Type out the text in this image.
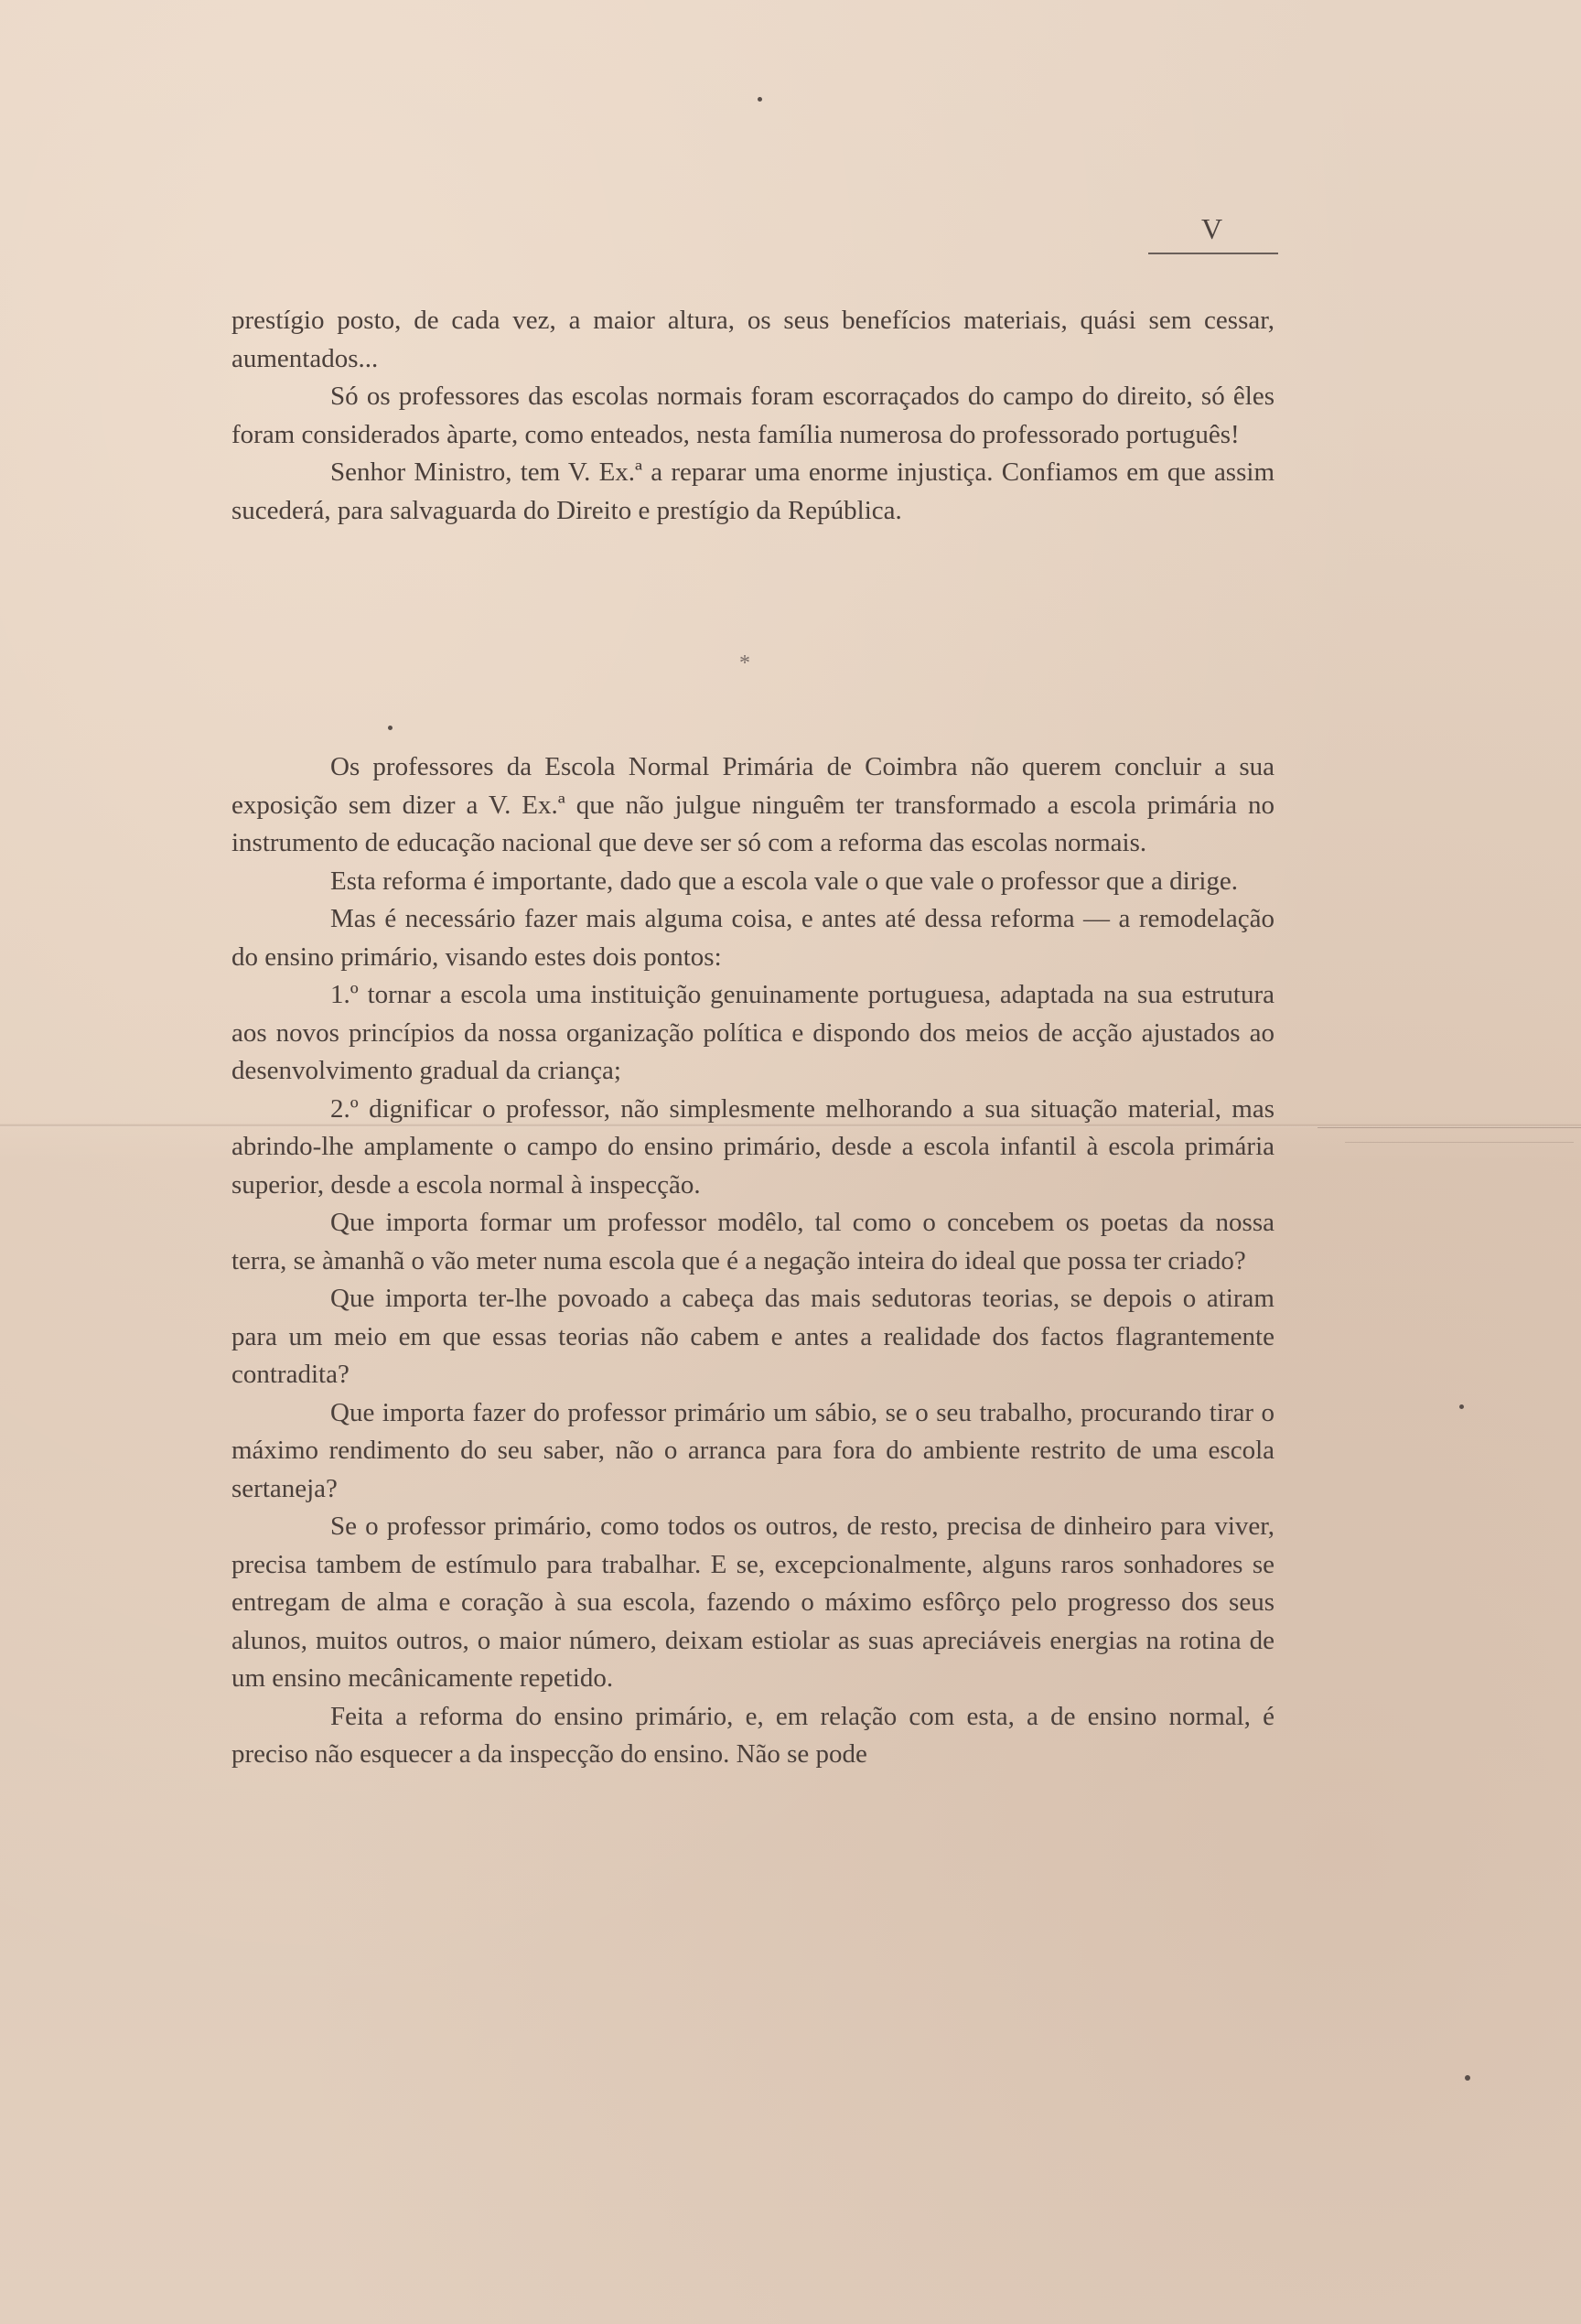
V

prestígio posto, de cada vez, a maior altura, os seus benefícios materiais, quási sem cessar, aumentados...

Só os professores das escolas normais foram escorraçados do campo do direito, só êles foram considerados àparte, como enteados, nesta família numerosa do professorado português!

Senhor Ministro, tem V. Ex.ª a reparar uma enorme injustiça. Confiamos em que assim sucederá, para salvaguarda do Direito e prestígio da República.

*

Os professores da Escola Normal Primária de Coimbra não querem concluir a sua exposição sem dizer a V. Ex.ª que não julgue ninguêm ter transformado a escola primária no instrumento de educação nacional que deve ser só com a reforma das escolas normais.

Esta reforma é importante, dado que a escola vale o que vale o professor que a dirige.

Mas é necessário fazer mais alguma coisa, e antes até dessa reforma — a remodelação do ensino primário, visando estes dois pontos:

1.º tornar a escola uma instituição genuinamente portuguesa, adaptada na sua estrutura aos novos princípios da nossa organização política e dispondo dos meios de acção ajustados ao desenvolvimento gradual da criança;

2.º dignificar o professor, não simplesmente melhorando a sua situação material, mas abrindo-lhe amplamente o campo do ensino primário, desde a escola infantil à escola primária superior, desde a escola normal à inspecção.

Que importa formar um professor modêlo, tal como o concebem os poetas da nossa terra, se àmanhã o vão meter numa escola que é a negação inteira do ideal que possa ter criado?

Que importa ter-lhe povoado a cabeça das mais sedutoras teorias, se depois o atiram para um meio em que essas teorias não cabem e antes a realidade dos factos flagrantemente contradita?

Que importa fazer do professor primário um sábio, se o seu trabalho, procurando tirar o máximo rendimento do seu saber, não o arranca para fora do ambiente restrito de uma escola sertaneja?

Se o professor primário, como todos os outros, de resto, precisa de dinheiro para viver, precisa tambem de estímulo para trabalhar. E se, excepcionalmente, alguns raros sonhadores se entregam de alma e coração à sua escola, fazendo o máximo esfôrço pelo progresso dos seus alunos, muitos outros, o maior número, deixam estiolar as suas apreciáveis energias na rotina de um ensino mecânicamente repetido.

Feita a reforma do ensino primário, e, em relação com esta, a de ensino normal, é preciso não esquecer a da inspecção do ensino. Não se pode
